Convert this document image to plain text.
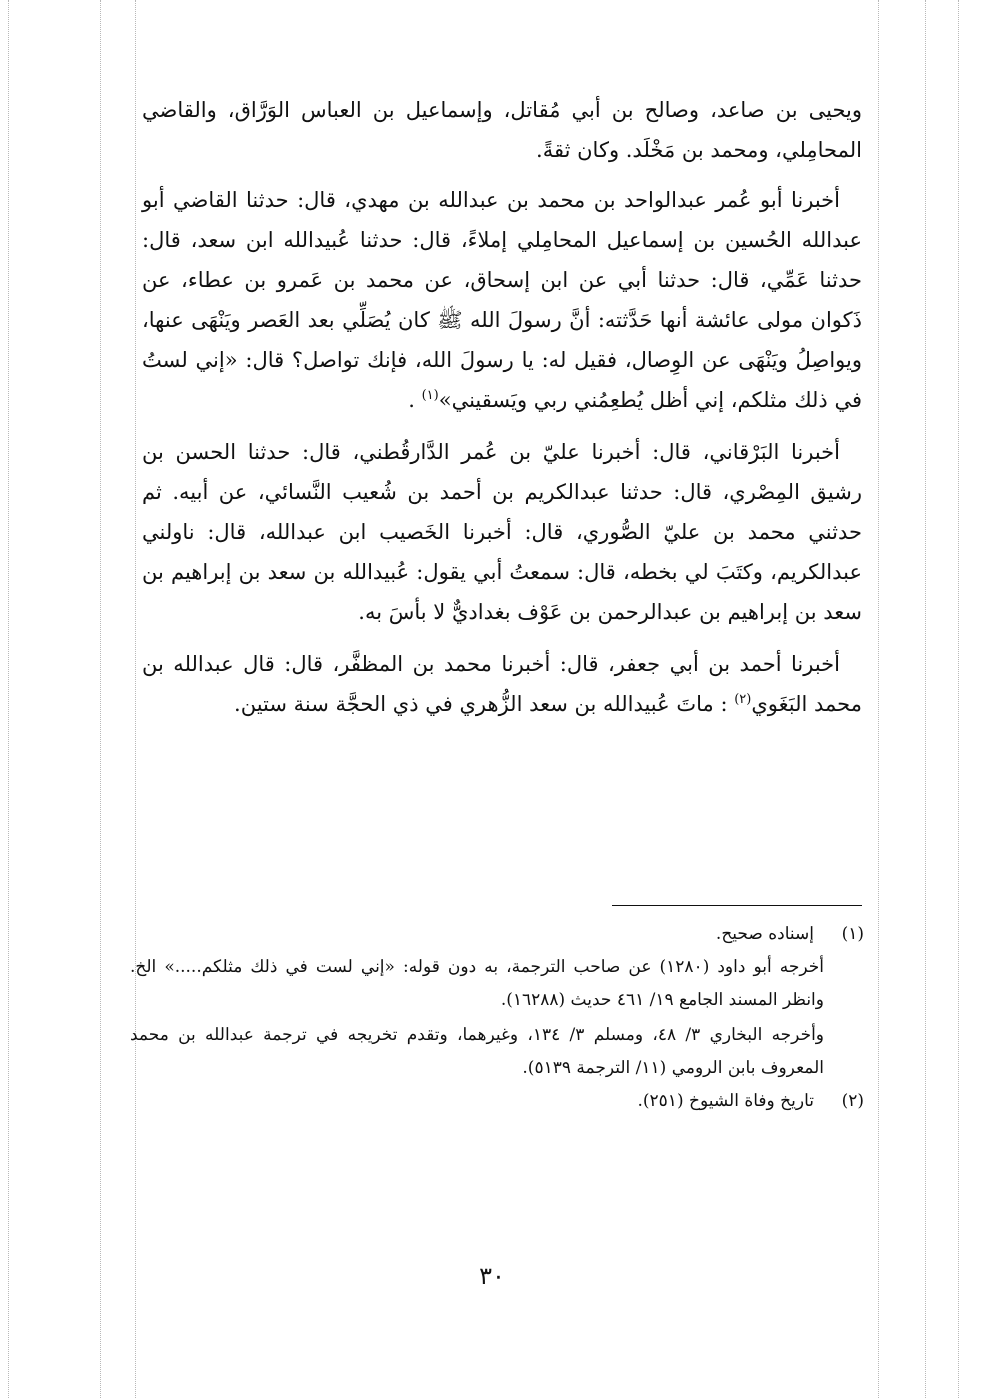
ويحيى بن صاعد، وصالح بن أبي مُقاتل، وإسماعيل بن العباس الوَرَّاق، والقاضي المحامِلي، ومحمد بن مَخْلَد. وكان ثقةً.

أخبرنا أبو عُمر عبدالواحد بن محمد بن عبدالله بن مهدي، قال: حدثنا القاضي أبو عبدالله الحُسين بن إسماعيل المحامِلي إملاءً، قال: حدثنا عُبيدالله ابن سعد، قال: حدثنا عَمِّي، قال: حدثنا أبي عن ابن إسحاق، عن محمد بن عَمرو بن عطاء، عن ذَكوان مولى عائشة أنها حَدَّثته: أنَّ رسولَ الله ﷺ كان يُصَلِّي بعد العَصر ويَنْهَى عنها، ويواصِلُ ويَنْهَى عن الوِصال، فقيل له: يا رسولَ الله، فإنك تواصل؟ قال: «إني لستُ في ذلك مثلكم، إني أظل يُطعِمُني ربي ويَسقيني»$^{(١)}$ .

أخبرنا البَرْقاني، قال: أخبرنا عليّ بن عُمر الدَّارقُطني، قال: حدثنا الحسن بن رشيق المِصْري، قال: حدثنا عبدالكريم بن أحمد بن شُعيب النَّسائي، عن أبيه. ثم حدثني محمد بن عليّ الصُّوري، قال: أخبرنا الخَصيب ابن عبدالله، قال: ناولني عبدالكريم، وكتَبَ لي بخطه، قال: سمعتُ أبي يقول: عُبيدالله بن سعد بن إبراهيم بن سعد بن إبراهيم بن عبدالرحمن بن عَوْف بغداديٌّ لا بأسَ به.

أخبرنا أحمد بن أبي جعفر، قال: أخبرنا محمد بن المظفَّر، قال: قال عبدالله بن محمد البَغَوي$^{(٢)}$ : ماتَ عُبيدالله بن سعد الزُّهري في ذي الحجَّة سنة ستين.

(١)
إسناده صحيح.

أخرجه أبو داود (١٢٨٠) عن صاحب الترجمة، به دون قوله: «إني لست في ذلك مثلكم.....» الخ. وانظر المسند الجامع ١٩/ ٤٦١ حديث (١٦٢٨٨).

وأخرجه البخاري ٣/ ٤٨، ومسلم ٣/ ١٣٤، وغيرهما، وتقدم تخريجه في ترجمة عبدالله بن محمد المعروف بابن الرومي (١١/ الترجمة ٥١٣٩).

(٢)
تاريخ وفاة الشيوخ (٢٥١).
٣٠
